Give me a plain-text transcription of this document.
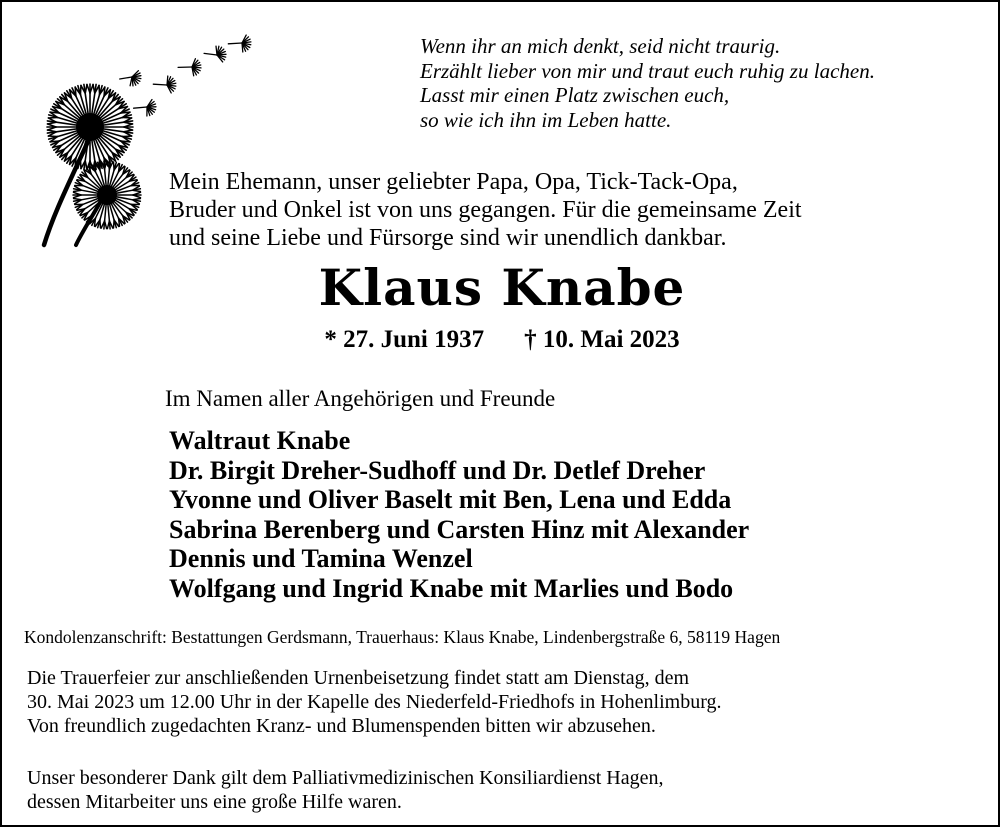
Wenn ihr an mich denkt, seid nicht traurig.
Erzählt lieber von mir und traut euch ruhig zu lachen.
Lasst mir einen Platz zwischen euch,
so wie ich ihn im Leben hatte.
Mein Ehemann, unser geliebter Papa, Opa, Tick-Tack-Opa,
Bruder und Onkel ist von uns gegangen. Für die gemeinsame Zeit
und seine Liebe und Fürsorge sind wir unendlich dankbar.
Klaus Knabe
* 27. Juni 1937 † 10. Mai 2023
Im Namen aller Angehörigen und Freunde
Waltraut Knabe
Dr. Birgit Dreher-Sudhoff und Dr. Detlef Dreher
Yvonne und Oliver Baselt mit Ben, Lena und Edda
Sabrina Berenberg und Carsten Hinz mit Alexander
Dennis und Tamina Wenzel
Wolfgang und Ingrid Knabe mit Marlies und Bodo
Kondolenzanschrift: Bestattungen Gerdsmann, Trauerhaus: Klaus Knabe, Lindenbergstraße 6, 58119 Hagen
Die Trauerfeier zur anschließenden Urnenbeisetzung findet statt am Dienstag, dem
30. Mai 2023 um 12.00 Uhr in der Kapelle des Niederfeld-Friedhofs in Hohenlimburg.
Von freundlich zugedachten Kranz- und Blumenspenden bitten wir abzusehen.
Unser besonderer Dank gilt dem Palliativmedizinischen Konsiliardienst Hagen,
dessen Mitarbeiter uns eine große Hilfe waren.
